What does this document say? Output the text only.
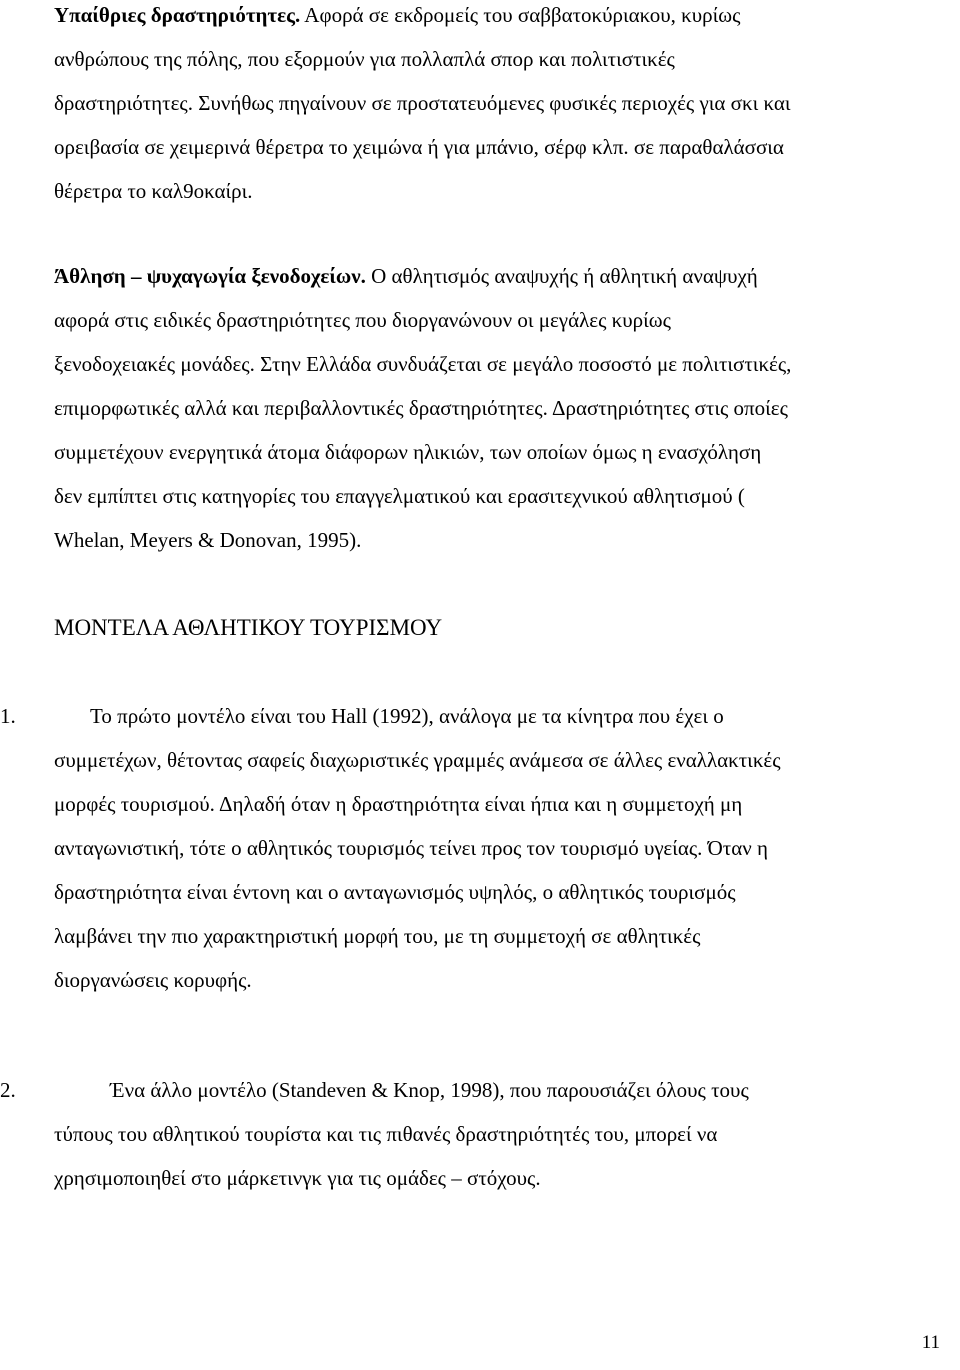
Υπαίθριες δραστηριότητες. Αφορά σε εκδρομείς του σαββατοκύριακου, κυρίως
ανθρώπους της πόλης, που εξορμούν για πολλαπλά σπορ και πολιτιστικές
δραστηριότητες. Συνήθως πηγαίνουν σε προστατευόμενες φυσικές περιοχές για σκι και
ορειβασία σε χειμερινά θέρετρα το χειμώνα ή για μπάνιο, σέρφ κλπ. σε παραθαλάσσια
θέρετρα το καλ9οκαίρι.
Άθληση – ψυχαγωγία ξενοδοχείων. Ο αθλητισμός αναψυχής ή αθλητική αναψυχή
αφορά στις ειδικές δραστηριότητες που διοργανώνουν οι μεγάλες κυρίως
ξενοδοχειακές μονάδες. Στην Ελλάδα συνδυάζεται σε μεγάλο ποσοστό με πολιτιστικές,
επιμορφωτικές αλλά και περιβαλλοντικές δραστηριότητες. Δραστηριότητες στις οποίες
συμμετέχουν ενεργητικά άτομα διάφορων ηλικιών, των οποίων όμως η ενασχόληση
δεν εμπίπτει στις κατηγορίες του επαγγελματικού και ερασιτεχνικού αθλητισμού (
Whelan, Meyers & Donovan, 1995).
ΜΟΝΤΕΛΑ ΑΘΛΗΤΙΚΟΥ ΤΟΥΡΙΣΜΟΥ
1.	Το πρώτο μοντέλο είναι του Hall (1992), ανάλογα με τα κίνητρα που έχει ο
συμμετέχων, θέτοντας σαφείς διαχωριστικές γραμμές ανάμεσα σε άλλες εναλλακτικές
μορφές τουρισμού. Δηλαδή όταν η δραστηριότητα είναι ήπια και η συμμετοχή μη
ανταγωνιστική, τότε ο αθλητικός τουρισμός τείνει προς τον τουρισμό υγείας. Όταν η
δραστηριότητα είναι έντονη και ο ανταγωνισμός υψηλός, ο αθλητικός τουρισμός
λαμβάνει την πιο χαρακτηριστική μορφή του, με τη συμμετοχή σε αθλητικές
διοργανώσεις κορυφής.
2.	Ένα άλλο μοντέλο (Standeven & Knop, 1998), που παρουσιάζει όλους τους
τύπους του αθλητικού τουρίστα και τις πιθανές δραστηριότητές του, μπορεί να
χρησιμοποιηθεί στο μάρκετινγκ για τις ομάδες – στόχους.
11
